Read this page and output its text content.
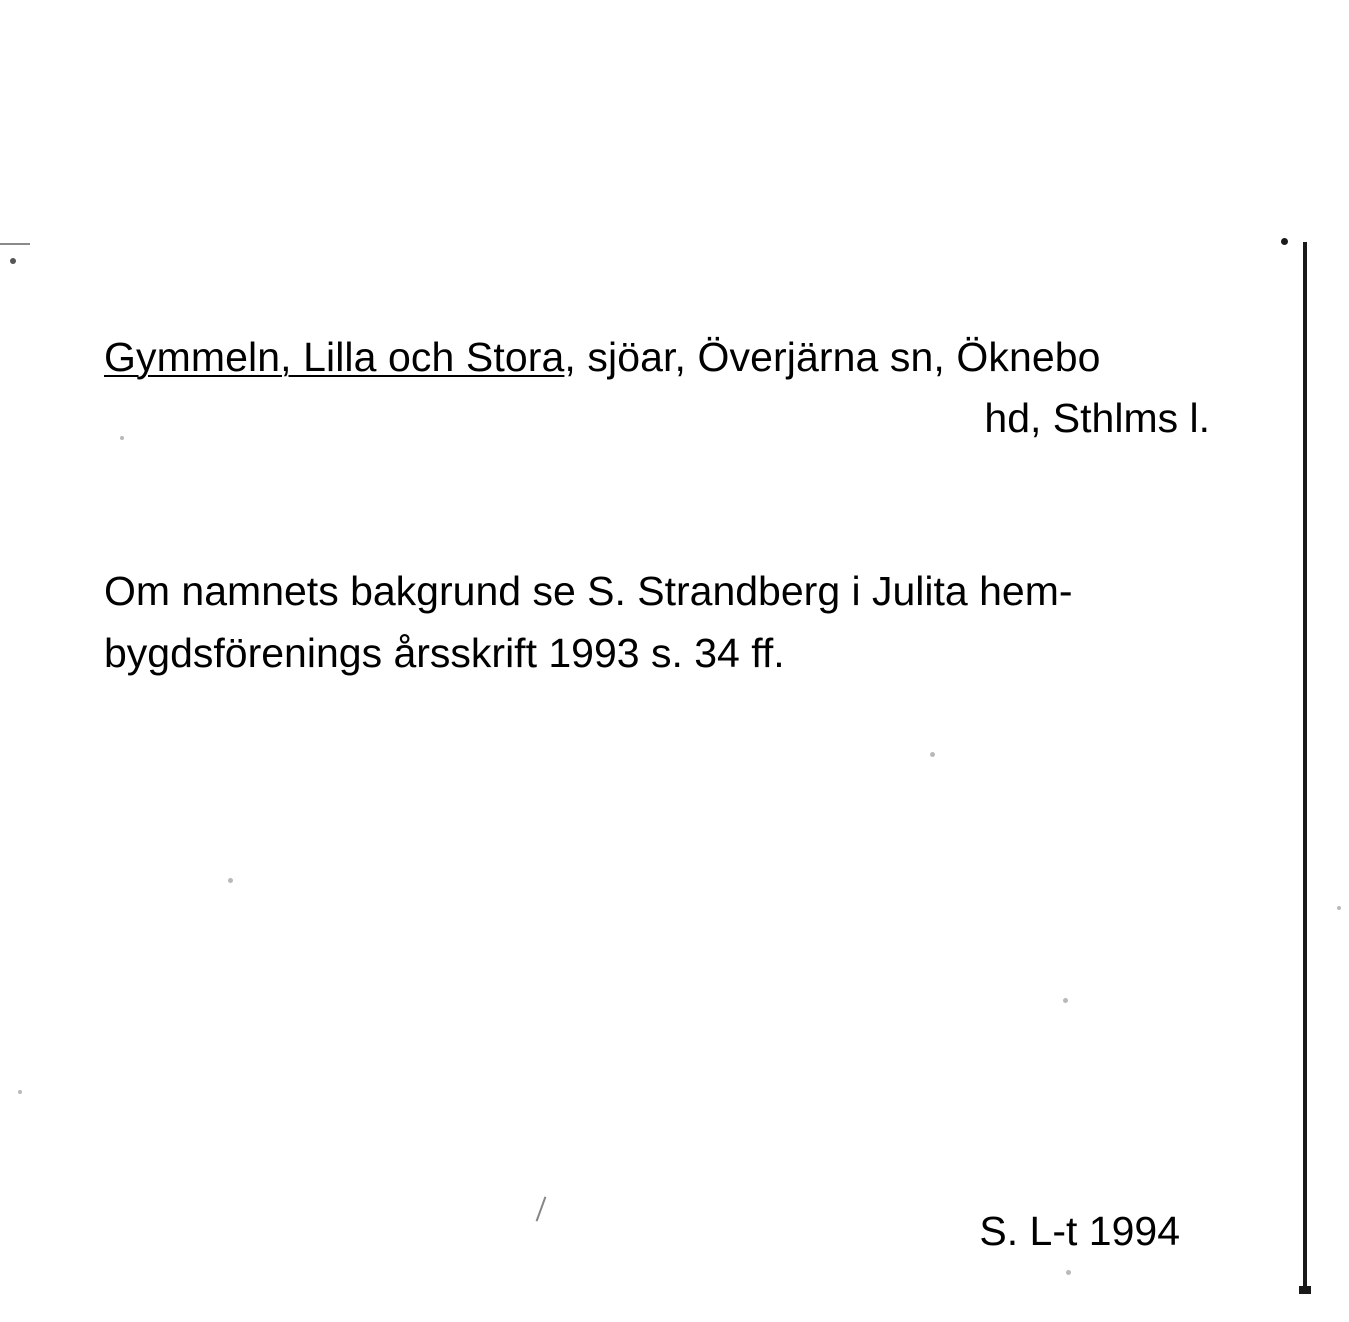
Gymmeln, Lilla och Stora, sjöar, Överjärna sn, Öknebo
hd, Sthlms l.
Om namnets bakgrund se S. Strandberg i Julita hem-
bygdsförenings årsskrift 1993 s. 34 ff.
S. L-t 1994
